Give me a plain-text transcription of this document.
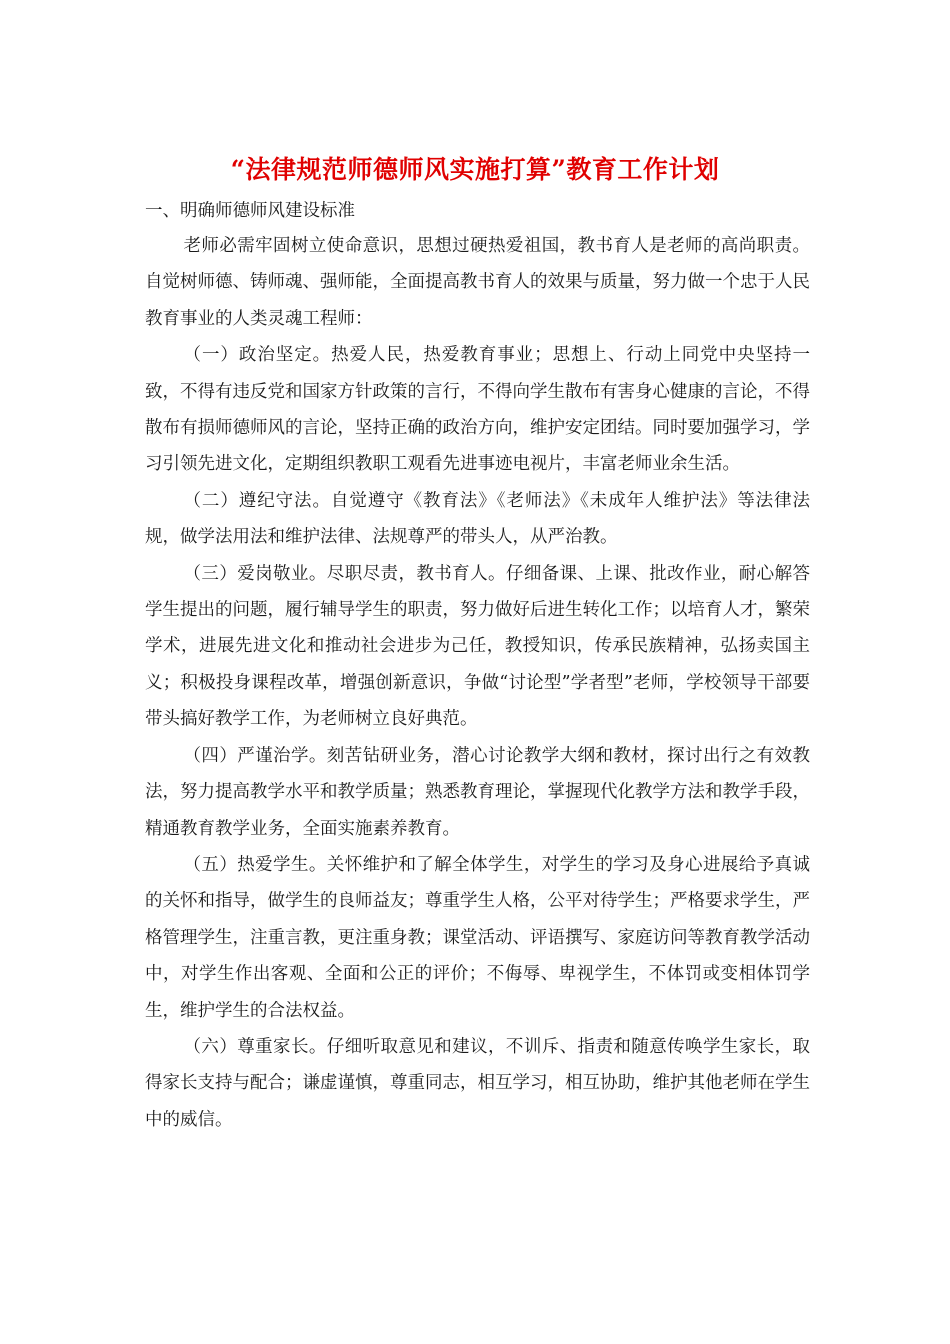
“法律规范师德师风实施打算”教育工作计划
一、明确师德师风建设标准

老师必需牢固树立使命意识，思想过硬热爱祖国，教书育人是老师的高尚职责。自觉树师德、铸师魂、强师能，全面提高教书育人的效果与质量，努力做一个忠于人民教育事业的人类灵魂工程师：

（一）政治坚定。热爱人民，热爱教育事业；思想上、行动上同党中央坚持一致，不得有违反党和国家方针政策的言行，不得向学生散布有害身心健康的言论，不得散布有损师德师风的言论，坚持正确的政治方向，维护安定团结。同时要加强学习，学习引领先进文化，定期组织教职工观看先进事迹电视片，丰富老师业余生活。

（二）遵纪守法。自觉遵守《教育法》《老师法》《未成年人维护法》等法律法规，做学法用法和维护法律、法规尊严的带头人，从严治教。

（三）爱岗敬业。尽职尽责，教书育人。仔细备课、上课、批改作业，耐心解答学生提出的问题，履行辅导学生的职责，努力做好后进生转化工作；以培育人才，繁荣学术，进展先进文化和推动社会进步为己任，教授知识，传承民族精神，弘扬卖国主义；积极投身课程改革，增强创新意识，争做“讨论型”学者型”老师，学校领导干部要带头搞好教学工作，为老师树立良好典范。

（四）严谨治学。刻苦钻研业务，潜心讨论教学大纲和教材，探讨出行之有效教法，努力提高教学水平和教学质量；熟悉教育理论，掌握现代化教学方法和教学手段，精通教育教学业务，全面实施素养教育。

（五）热爱学生。关怀维护和了解全体学生，对学生的学习及身心进展给予真诚的关怀和指导，做学生的良师益友；尊重学生人格，公平对待学生；严格要求学生，严格管理学生，注重言教，更注重身教；课堂活动、评语撰写、家庭访问等教育教学活动中，对学生作出客观、全面和公正的评价；不侮辱、卑视学生，不体罚或变相体罚学生，维护学生的合法权益。

（六）尊重家长。仔细听取意见和建议，不训斥、指责和随意传唤学生家长，取得家长支持与配合；谦虚谨慎，尊重同志，相互学习，相互协助，维护其他老师在学生中的威信。
